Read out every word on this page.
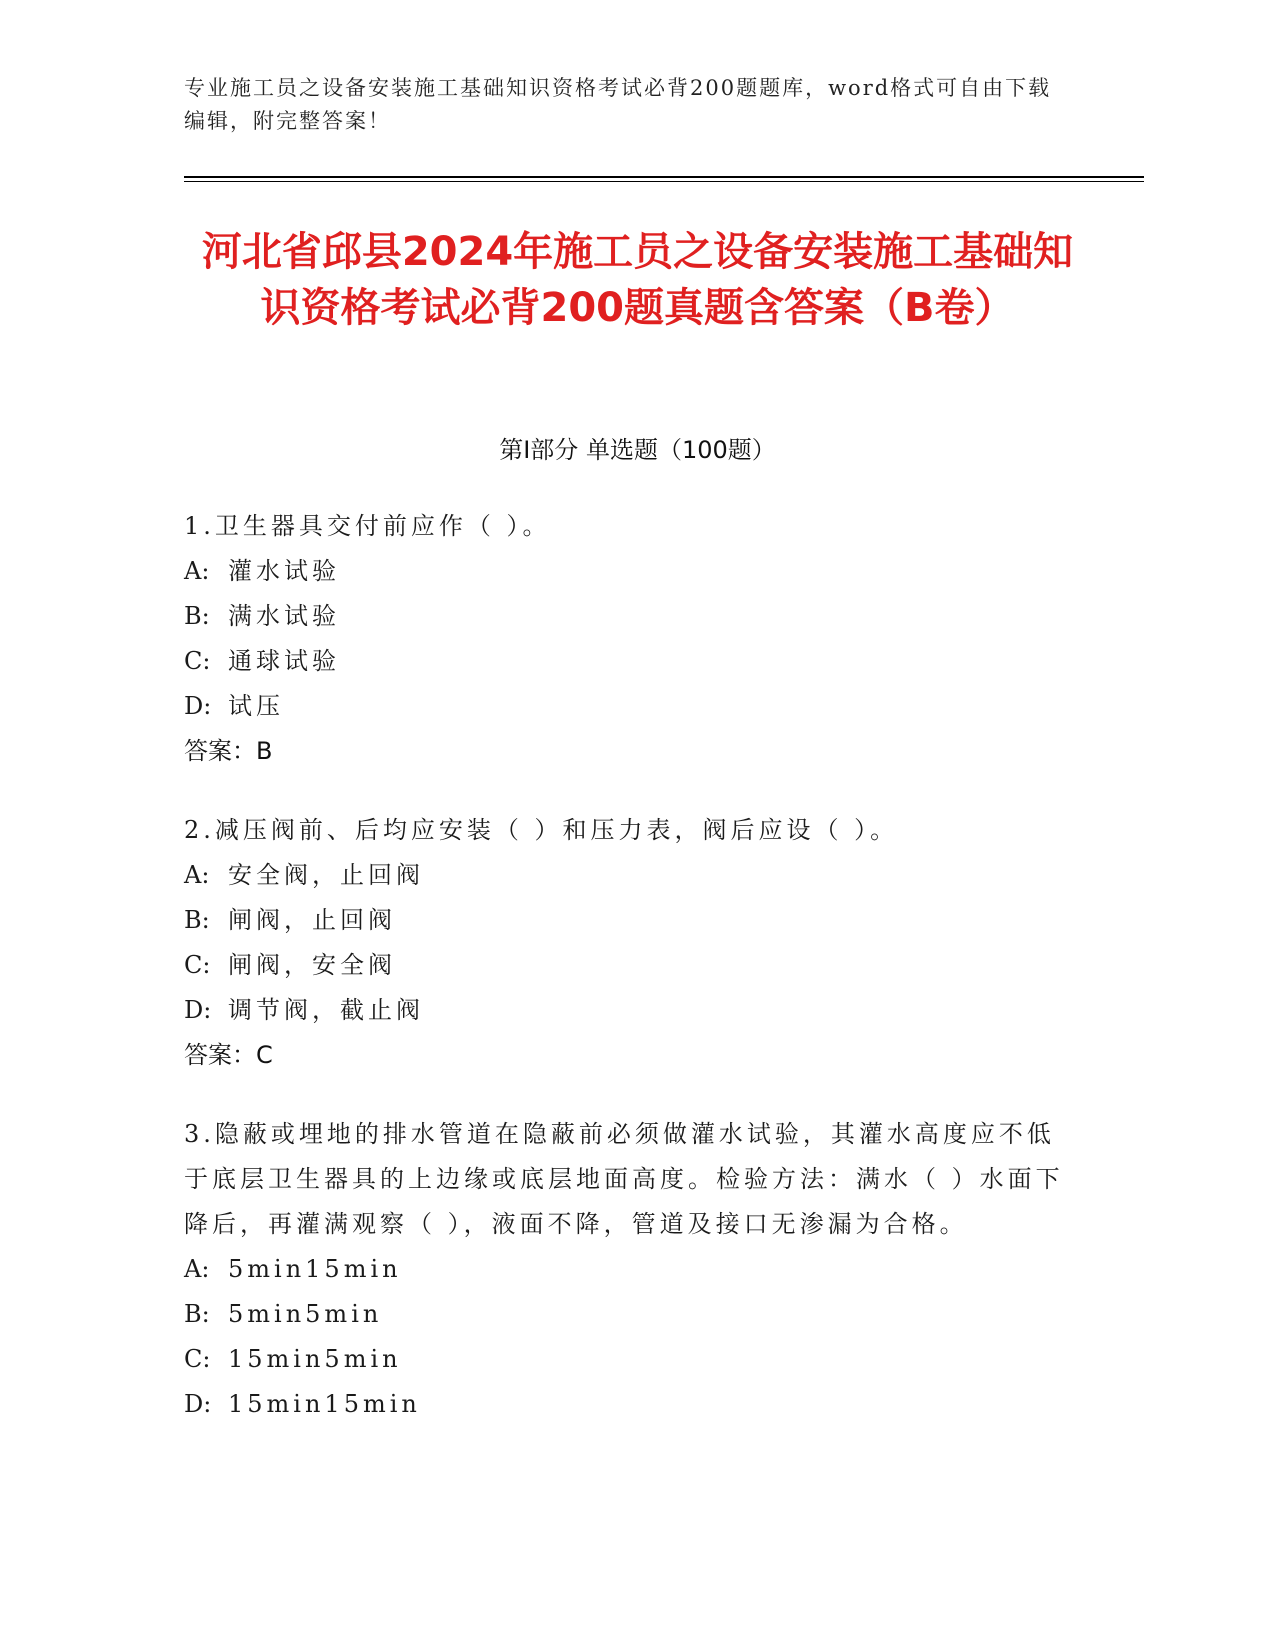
专业施工员之设备安装施工基础知识资格考试必背200题题库，word格式可自由下载编辑，附完整答案！
河北省邱县2024年施工员之设备安装施工基础知识资格考试必背200题真题含答案（B卷）
第I部分 单选题（100题）
1.卫生器具交付前应作（ ）。
A: 灌水试验
B: 满水试验
C: 通球试验
D: 试压
答案：B
2.减压阀前、后均应安装（ ）和压力表，阀后应设（ ）。
A: 安全阀，止回阀
B: 闸阀，止回阀
C: 闸阀，安全阀
D: 调节阀，截止阀
答案：C
3.隐蔽或埋地的排水管道在隐蔽前必须做灌水试验，其灌水高度应不低于底层卫生器具的上边缘或底层地面高度。检验方法：满水（ ）水面下降后，再灌满观察（ ），液面不降，管道及接口无渗漏为合格。
A: 5min15min
B: 5min5min
C: 15min5min
D: 15min15min
